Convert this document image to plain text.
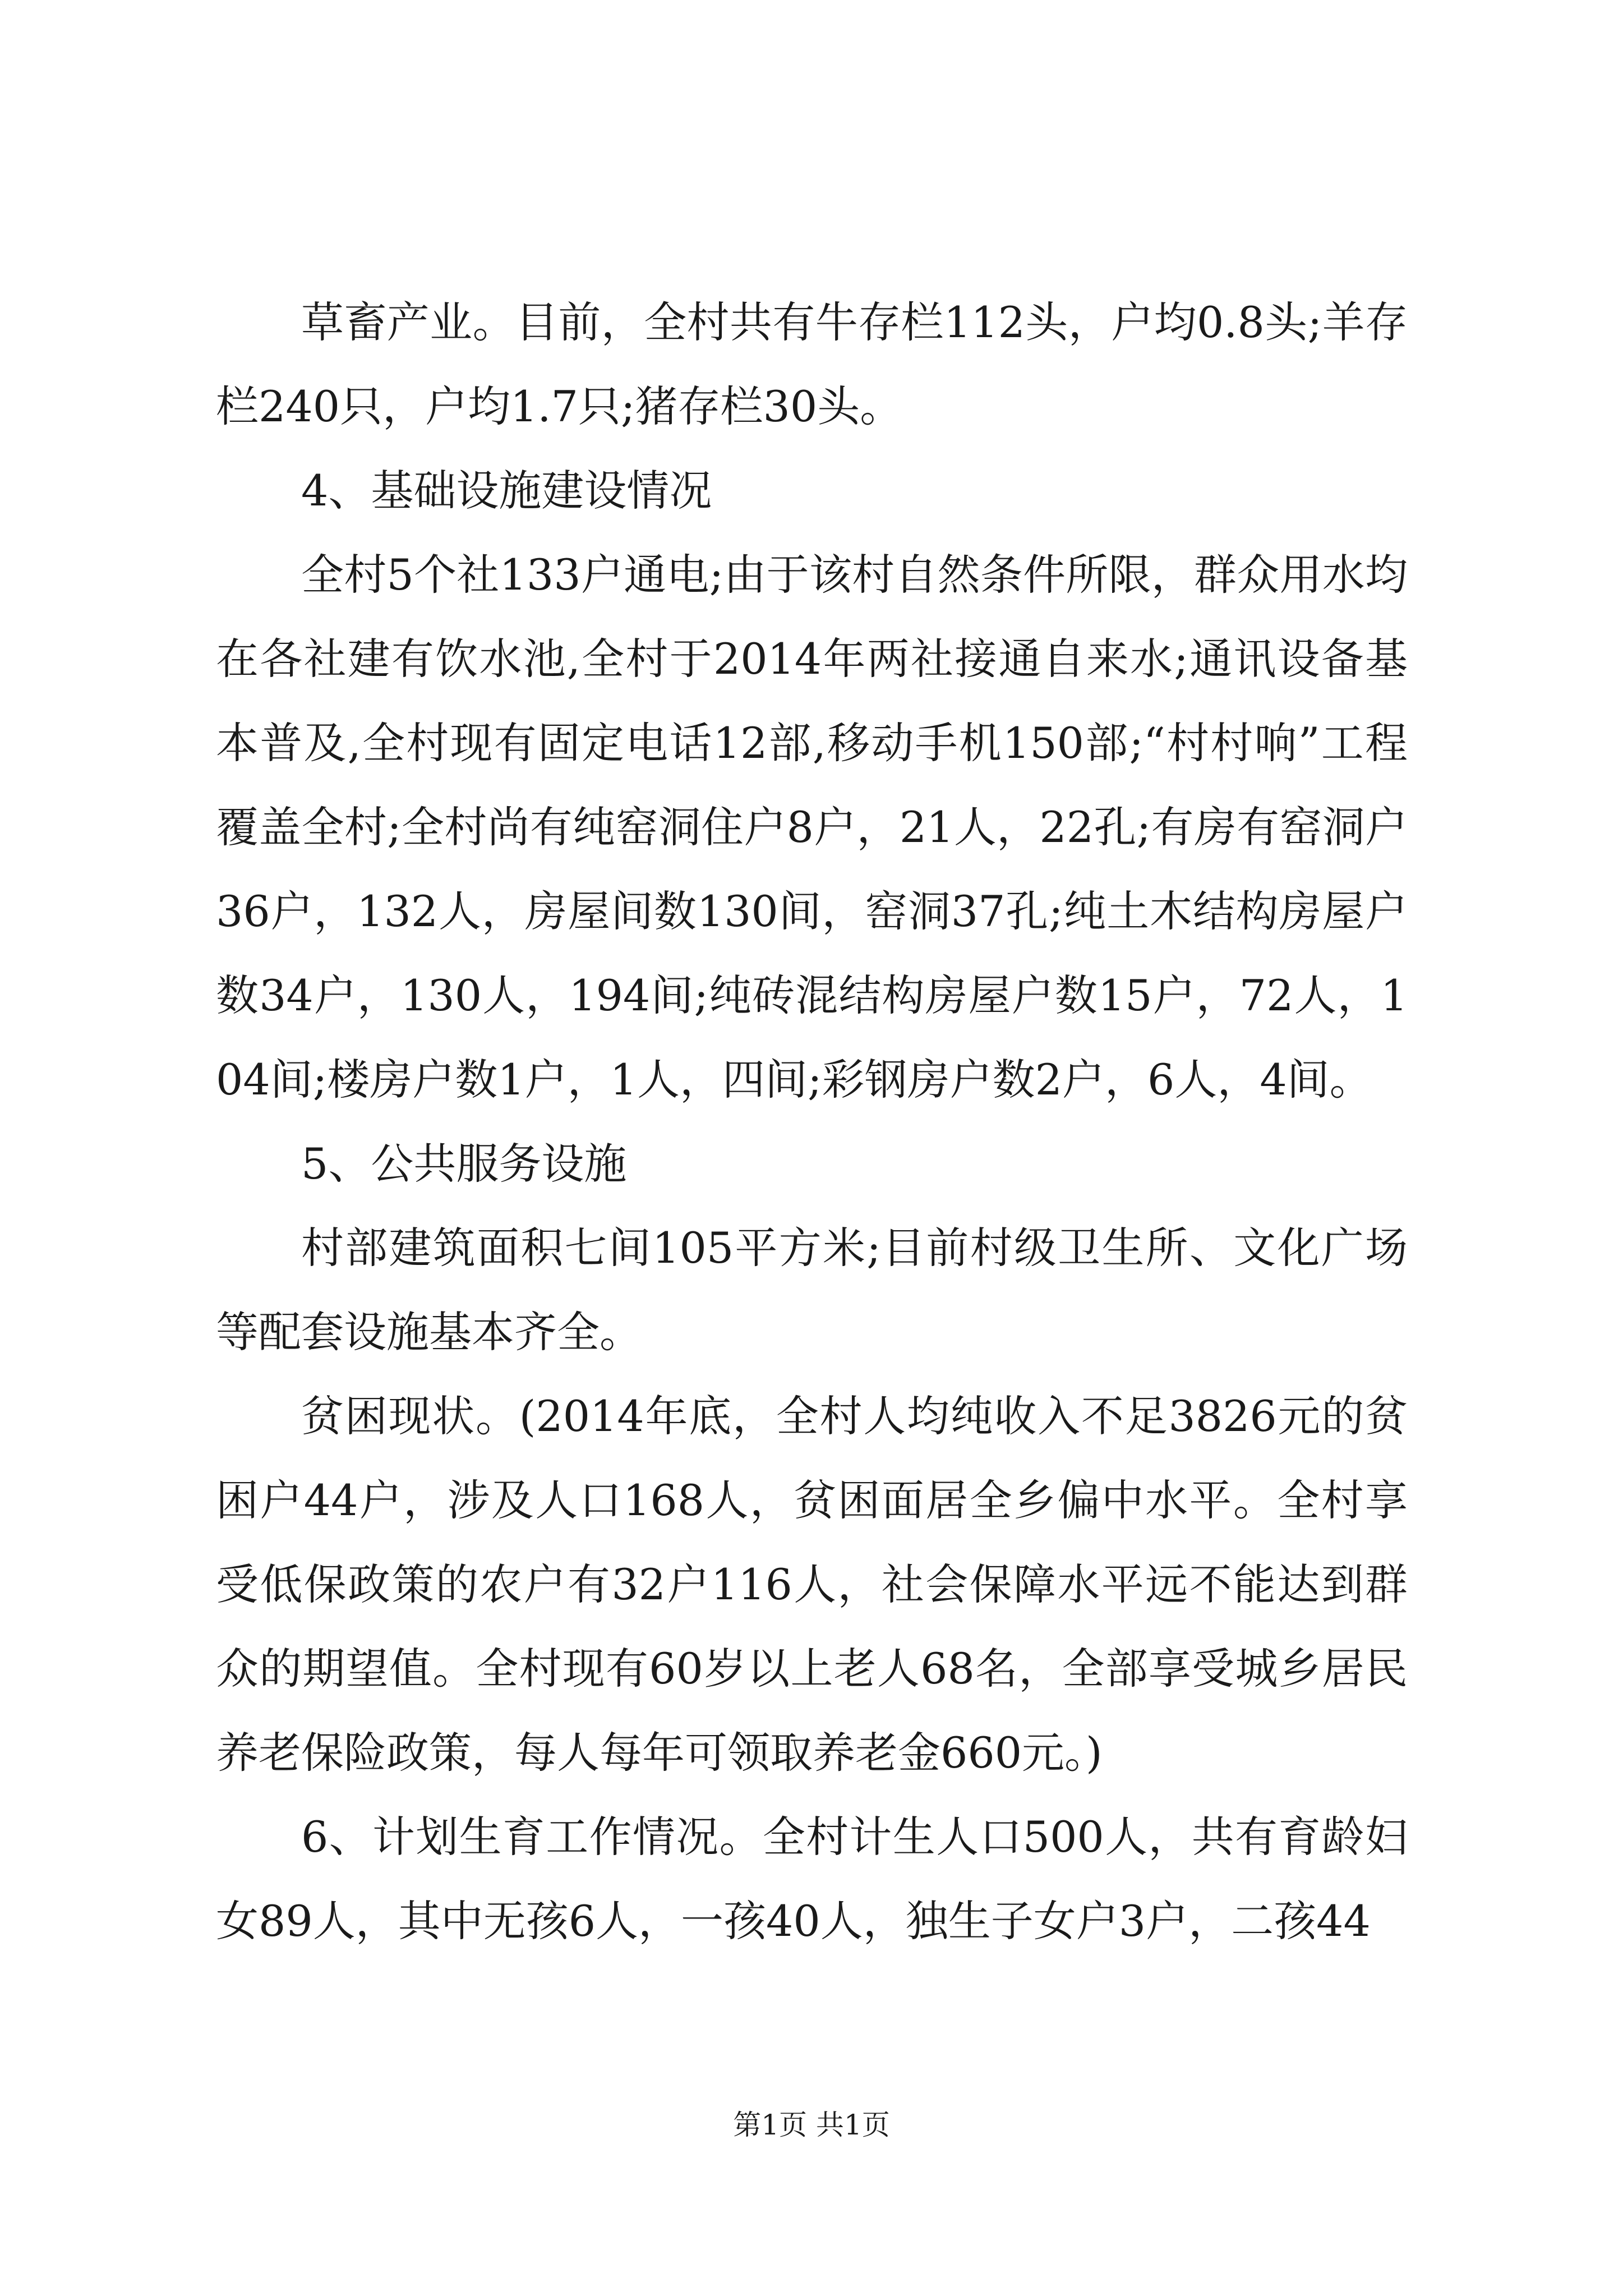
草畜产业。目前，全村共有牛存栏112头，户均0.8头;羊存栏240只，户均1.7只;猪存栏30头。

4、基础设施建设情况

全村5个社133户通电;由于该村自然条件所限，群众用水均在各社建有饮水池,全村于2014年两社接通自来水;通讯设备基本普及,全村现有固定电话12部,移动手机150部;“村村响”工程覆盖全村;全村尚有纯窑洞住户8户，21人，22孔;有房有窑洞户36户，132人，房屋间数130间，窑洞37孔;纯土木结构房屋户数34户，130人，194间;纯砖混结构房屋户数15户，72人，104间;楼房户数1户，1人，四间;彩钢房户数2户，6人，4间。

5、公共服务设施

村部建筑面积七间105平方米;目前村级卫生所、文化广场等配套设施基本齐全。

贫困现状。(2014年底，全村人均纯收入不足3826元的贫困户44户，涉及人口168人，贫困面居全乡偏中水平。全村享受低保政策的农户有32户116人，社会保障水平远不能达到群众的期望值。全村现有60岁以上老人68名，全部享受城乡居民养老保险政策，每人每年可领取养老金660元。)

6、计划生育工作情况。全村计生人口500人，共有育龄妇女89人，其中无孩6人，一孩40人，独生子女户3户，二孩44

第1页 共1页
